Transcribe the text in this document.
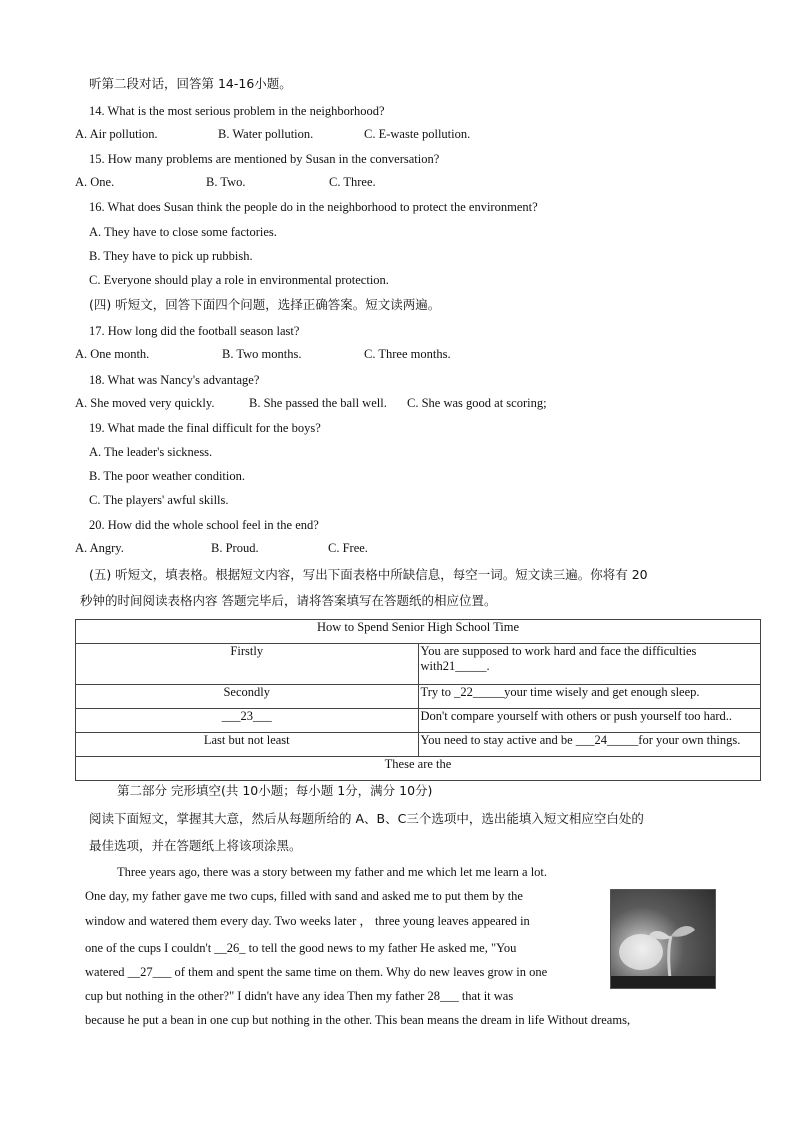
听第二段对话，回答第 14-16小题。
14. What is the most serious problem in the neighborhood?
A. Air pollution.	B. Water pollution.	C. E-waste pollution.
15. How many problems are mentioned by Susan in the conversation?
A. One.	B. Two.	C. Three.
16. What does Susan think the people do in the neighborhood to protect the environment?
A. They have to close some factories.
B. They have to pick up rubbish.
C. Everyone should play a role in environmental protection.
(四) 听短文，回答下面四个问题，选择正确答案。短文读两遍。
17. How long did the football season last?
A. One month.	B. Two months.	C. Three months.
18. What was Nancy's advantage?
A. She moved very quickly.	B. She passed the ball well. C. She was good at scoring;
19. What made the final difficult for the boys?
A. The leader's sickness.
B. The poor weather condition.
C. The players' awful skills.
20. How did the whole school feel in the end?
A. Angry.	B. Proud.	C. Free.
(五) 听短文，填表格。根据短文内容，写出下面表格中所缺信息，每空一词。短文读三遍。你将有 20
秒钟的时间阅读表格内容 答题完毕后，请将答案填写在答题纸的相应位置。
How to Spend Senior High School Time	
Firstly	You are supposed to work hard and face the difficulties with21_____.
Secondly	Try to _22_____your time wisely and get enough sleep.
___23___	Don't compare yourself with others or push yourself too hard..
Last but not least	You need to stay active and be ___24_____for your own things.
These are the	
第二部分 完形填空(共 10小题；每小题 1分，满分 10分)
阅读下面短文，掌握其大意，然后从每题所给的 A、B、C三个选项中，选出能填入短文相应空白处的
最佳选项，并在答题纸上将该项涂黑。
Three years ago, there was a story between my father and me which let me learn a lot.
One day, my father gave me two cups, filled with sand and asked me to put them by the
window and watered them every day. Two weeks later ， three young leaves appeared in
one of the cups I couldn't __26_ to tell the good news to my father He asked me, "You
watered __27___ of them and spent the same time on them. Why do new leaves grow in one
cup but nothing in the other?" I didn't have any idea Then my father 28___ that it was
because he put a bean in one cup but nothing in the other. This bean means the dream in life Without dreams,
